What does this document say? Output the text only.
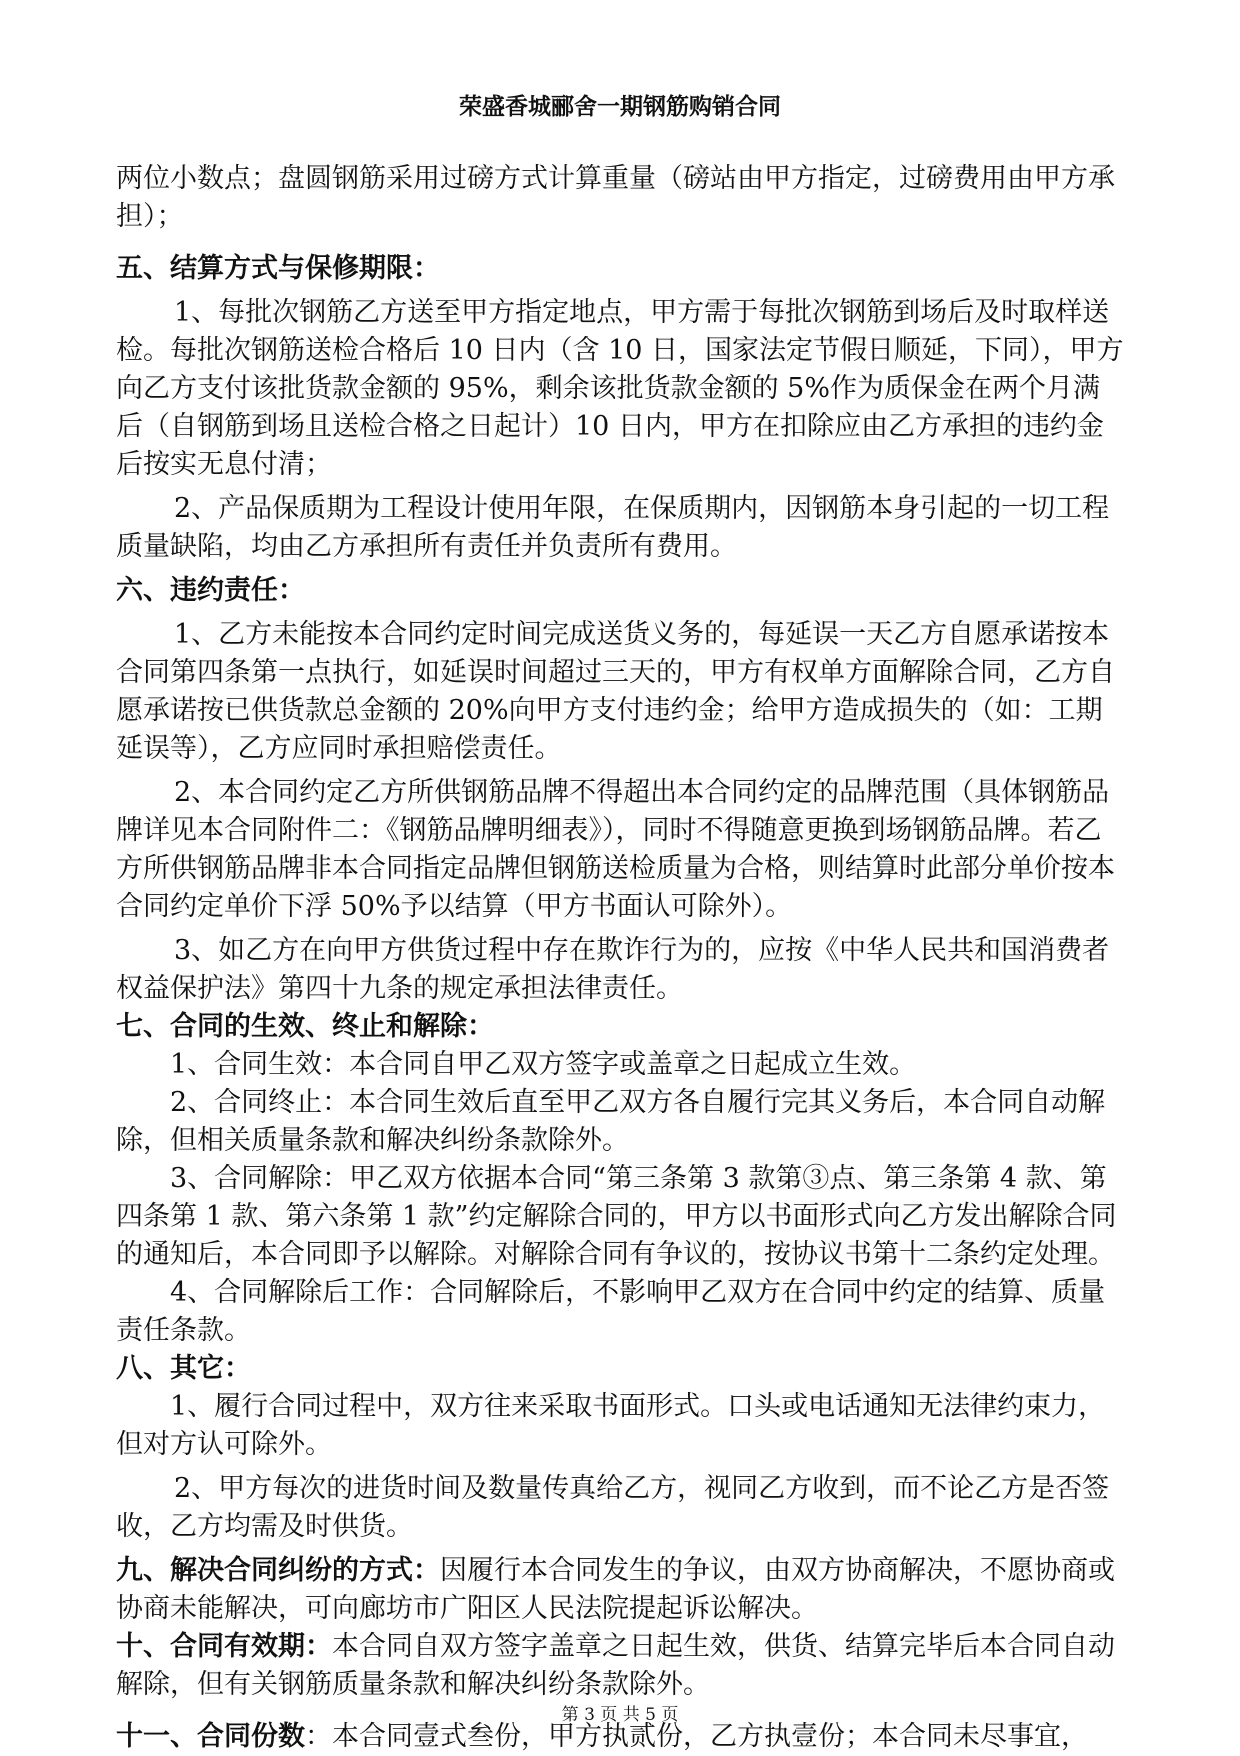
荣盛香城郦舍一期钢筋购销合同

两位小数点；盘圆钢筋采用过磅方式计算重量（磅站由甲方指定，过磅费用由甲方承担）；

五、结算方式与保修期限：

1、每批次钢筋乙方送至甲方指定地点，甲方需于每批次钢筋到场后及时取样送检。每批次钢筋送检合格后 10 日内（含 10 日，国家法定节假日顺延，下同），甲方向乙方支付该批货款金额的 95%，剩余该批货款金额的 5%作为质保金在两个月满后（自钢筋到场且送检合格之日起计）10 日内，甲方在扣除应由乙方承担的违约金后按实无息付清；

2、产品保质期为工程设计使用年限，在保质期内，因钢筋本身引起的一切工程质量缺陷，均由乙方承担所有责任并负责所有费用。

六、违约责任：

1、乙方未能按本合同约定时间完成送货义务的，每延误一天乙方自愿承诺按本合同第四条第一点执行，如延误时间超过三天的，甲方有权单方面解除合同，乙方自愿承诺按已供货款总金额的 20%向甲方支付违约金；给甲方造成损失的（如：工期延误等），乙方应同时承担赔偿责任。

2、本合同约定乙方所供钢筋品牌不得超出本合同约定的品牌范围（具体钢筋品牌详见本合同附件二：《钢筋品牌明细表》），同时不得随意更换到场钢筋品牌。若乙方所供钢筋品牌非本合同指定品牌但钢筋送检质量为合格，则结算时此部分单价按本合同约定单价下浮 50%予以结算（甲方书面认可除外）。

3、如乙方在向甲方供货过程中存在欺诈行为的，应按《中华人民共和国消费者权益保护法》第四十九条的规定承担法律责任。

七、合同的生效、终止和解除：

1、合同生效：本合同自甲乙双方签字或盖章之日起成立生效。

2、合同终止：本合同生效后直至甲乙双方各自履行完其义务后，本合同自动解除，但相关质量条款和解决纠纷条款除外。

3、合同解除：甲乙双方依据本合同“第三条第 3 款第③点、第三条第 4 款、第四条第 1 款、第六条第 1 款”约定解除合同的，甲方以书面形式向乙方发出解除合同的通知后，本合同即予以解除。对解除合同有争议的，按协议书第十二条约定处理。

4、合同解除后工作：合同解除后，不影响甲乙双方在合同中约定的结算、质量责任条款。

八、其它：

1、履行合同过程中，双方往来采取书面形式。口头或电话通知无法律约束力，但对方认可除外。

2、甲方每次的进货时间及数量传真给乙方，视同乙方收到，而不论乙方是否签收，乙方均需及时供货。

九、解决合同纠纷的方式：因履行本合同发生的争议，由双方协商解决，不愿协商或协商未能解决，可向廊坊市广阳区人民法院提起诉讼解决。

十、合同有效期：本合同自双方签字盖章之日起生效，供货、结算完毕后本合同自动解除，但有关钢筋质量条款和解决纠纷条款除外。

十一、合同份数：本合同壹式叁份，甲方执贰份，乙方执壹份；本合同未尽事宜，

第 3 页 共 5 页
